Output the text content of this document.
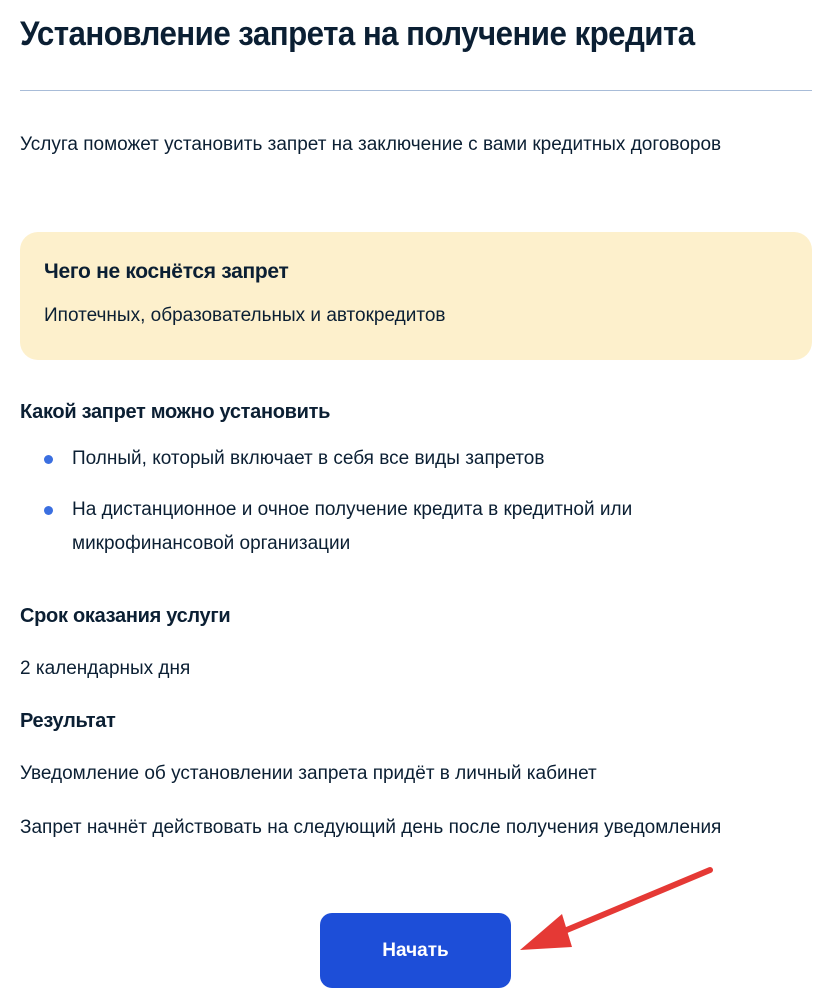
Установление запрета на получение кредита

Услуга поможет установить запрет на заключение с вами кредитных договоров

Чего не коснётся запрет

Ипотечных, образовательных и автокредитов

Какой запрет можно установить

Полный, который включает в себя все виды запретов
На дистанционное и очное получение кредита в кредитной или микрофинансовой организации

Срок оказания услуги

2 календарных дня

Результат

Уведомление об установлении запрета придёт в личный кабинет

Запрет начнёт действовать на следующий день после получения уведомления

Начать
